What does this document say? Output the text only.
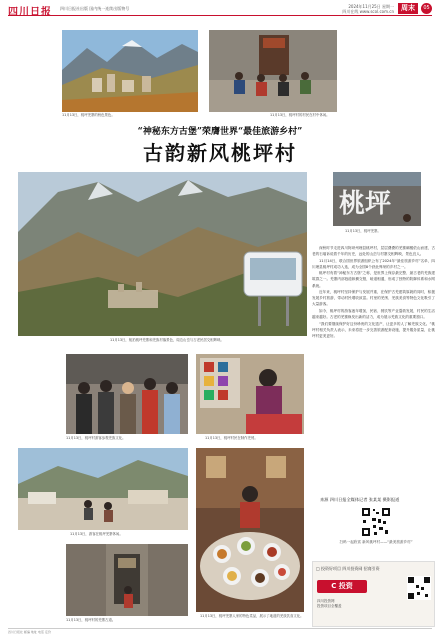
四川日报 四川日报社出版 国内统一连续出版物号	2024年11月25日 星期一
四川在线 www.scol.com.cn	周末	05
11月13日，桃坪羌寨的秋色景色。	11月13日，桃坪村的村民在村中休闲。
“神秘东方古堡”荣膺世界“最佳旅游乡村”
古韵新风桃坪村
11月13日，航拍桃坪羌寨和羌族村落景色，周边山峦与古老民居交相辉映。
桃坪
11月13日，桃坪羌寨。

深秋时节走进四川阿坝州理县桃坪村，层层叠叠的羌寨碉楼依山而建，古老的石墙诉说着千年的历史，远处的山峦与村寨交相辉映，景色宜人。

11月14日，联合国世界旅游组织公布了2024年“最佳旅游乡村”名单，四川理县桃坪村成功入选，成为全国8个获此殊荣的乡村之一。

桃坪村有着“神秘东方古堡”之称，是世界上保存最完整、最古老的羌族建筑群之一。羌寨内部巷道纵横交错，暗道相通，形成了独特的防御体系和水网系统。

近年来，桃坪村坚持保护与发展并重，在保护古羌建筑原貌的同时，积极发展乡村旅游，带动村民增收致富。村里的羌绣、羌族美食等特色文化吸引了大量游客。

如今，桃坪村的游客逐年增加，民宿、餐饮等产业蓬勃发展，村民的生活越来越好。古老的羌寨焕发出新的活力，成为展示羌族文化的重要窗口。

“我们要继续保护好这份珍贵的文化遗产，让更多的人了解羌族文化。”桃坪村相关负责人表示，未来将进一步完善旅游配套设施，提升服务质量，让桃坪村更美更好。

11月13日，桃坪村游客参观羌族文化。	11月13日，桃坪村民在制作羌绣。
11月13日，游客在桃坪羌寨休闲。
11月13日，桃坪羌寨人家的特色菜品，展示了地道的羌族饮食文化。
11月13日，桃坪村的羌寨古道。
来源 四川日报全媒体记者 张某某 摄影报道
扫码一起欣赏 新风桃坪村——“最美旅游乡村”
□ 投资好项目 四川投资网 招商引资
C 投资
四川投资网
投资项目全覆盖
四川日报社 邮编 地址 电话 定价
